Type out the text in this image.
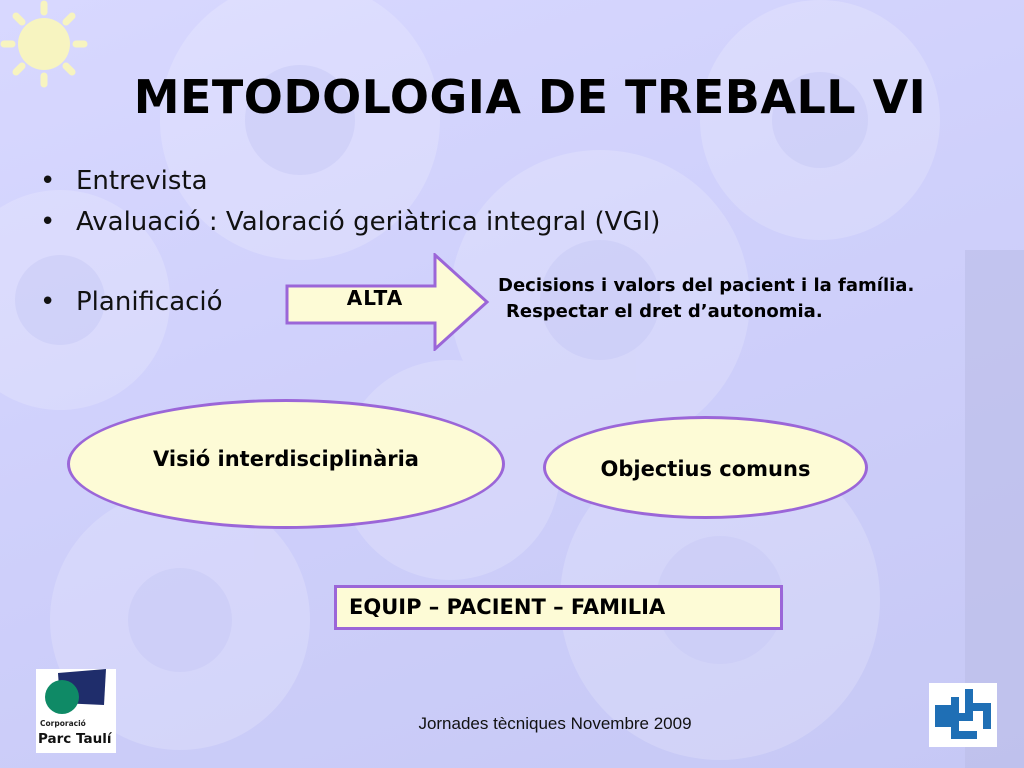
METODOLOGIA DE TREBALL VI
• Entrevista
• Avaluació : Valoració geriàtrica integral (VGI)
• Planificació	ALTA
Decisions i valors del pacient i la família.
Respectar el dret d’autonomia.
Visió interdisciplinària	Objectius comuns
EQUIP – PACIENT – FAMILIA
Corporació
Parc Taulí
Jornades tècniques Novembre 2009
